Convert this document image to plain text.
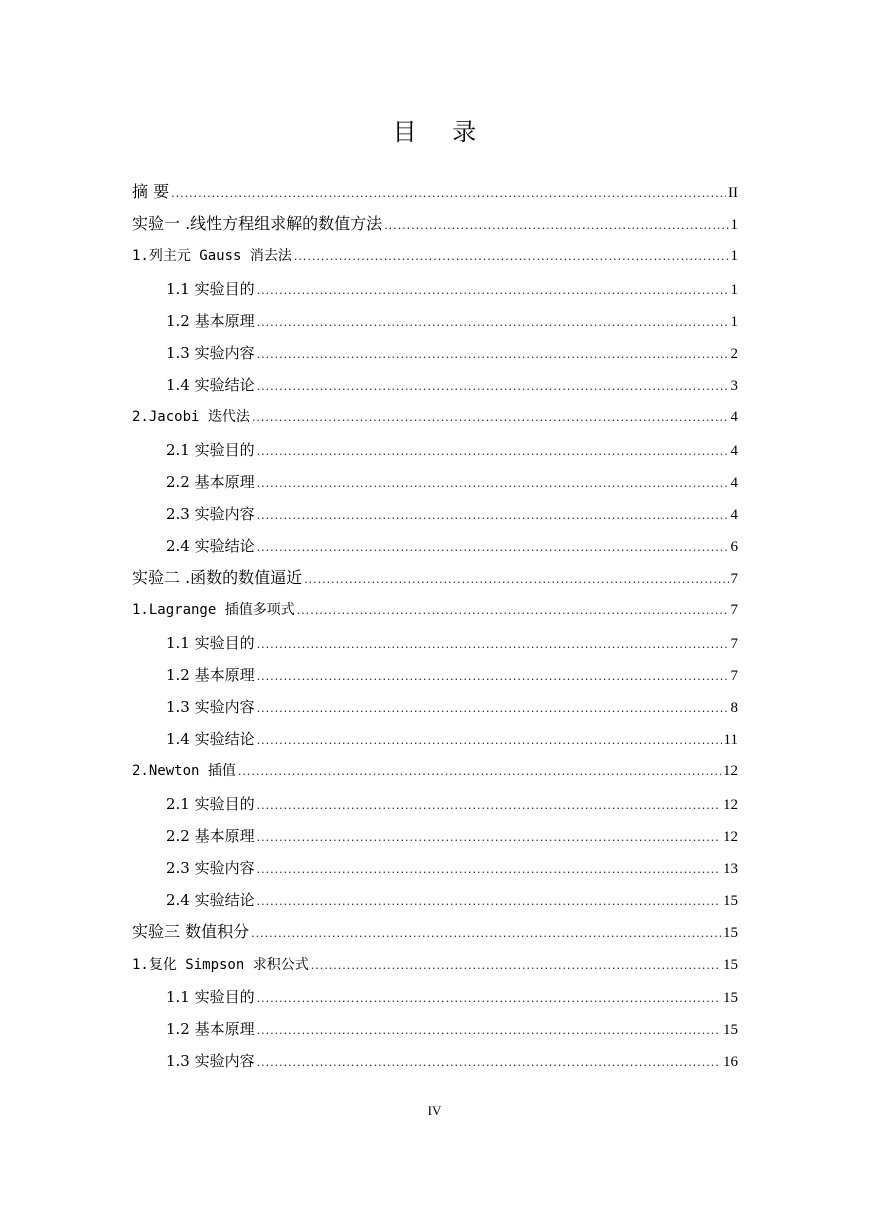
目 录
摘 要 .....	II
实验一 .线性方程组求解的数值方法 .....	1
1.列主元 Gauss 消去法 .....	1
1.1 实验目的 .....	1
1.2 基本原理 .....	1
1.3 实验内容 .....	2
1.4 实验结论 .....	3
2.Jacobi 迭代法 .....	4
2.1 实验目的 .....	4
2.2 基本原理 .....	4
2.3 实验内容 .....	4
2.4 实验结论 .....	6
实验二 .函数的数值逼近 .....	7
1.Lagrange 插值多项式 .....	7
1.1 实验目的 .....	7
1.2 基本原理 .....	7
1.3 实验内容 .....	8
1.4 实验结论 .....	11
2.Newton 插值 .....	12
2.1 实验目的 .....	12
2.2 基本原理 .....	12
2.3 实验内容 .....	13
2.4 实验结论 .....	15
实验三 数值积分 .....	15
1.复化 Simpson 求积公式 .....	15
1.1 实验目的 .....	15
1.2 基本原理 .....	15
1.3 实验内容 .....	16
IV
